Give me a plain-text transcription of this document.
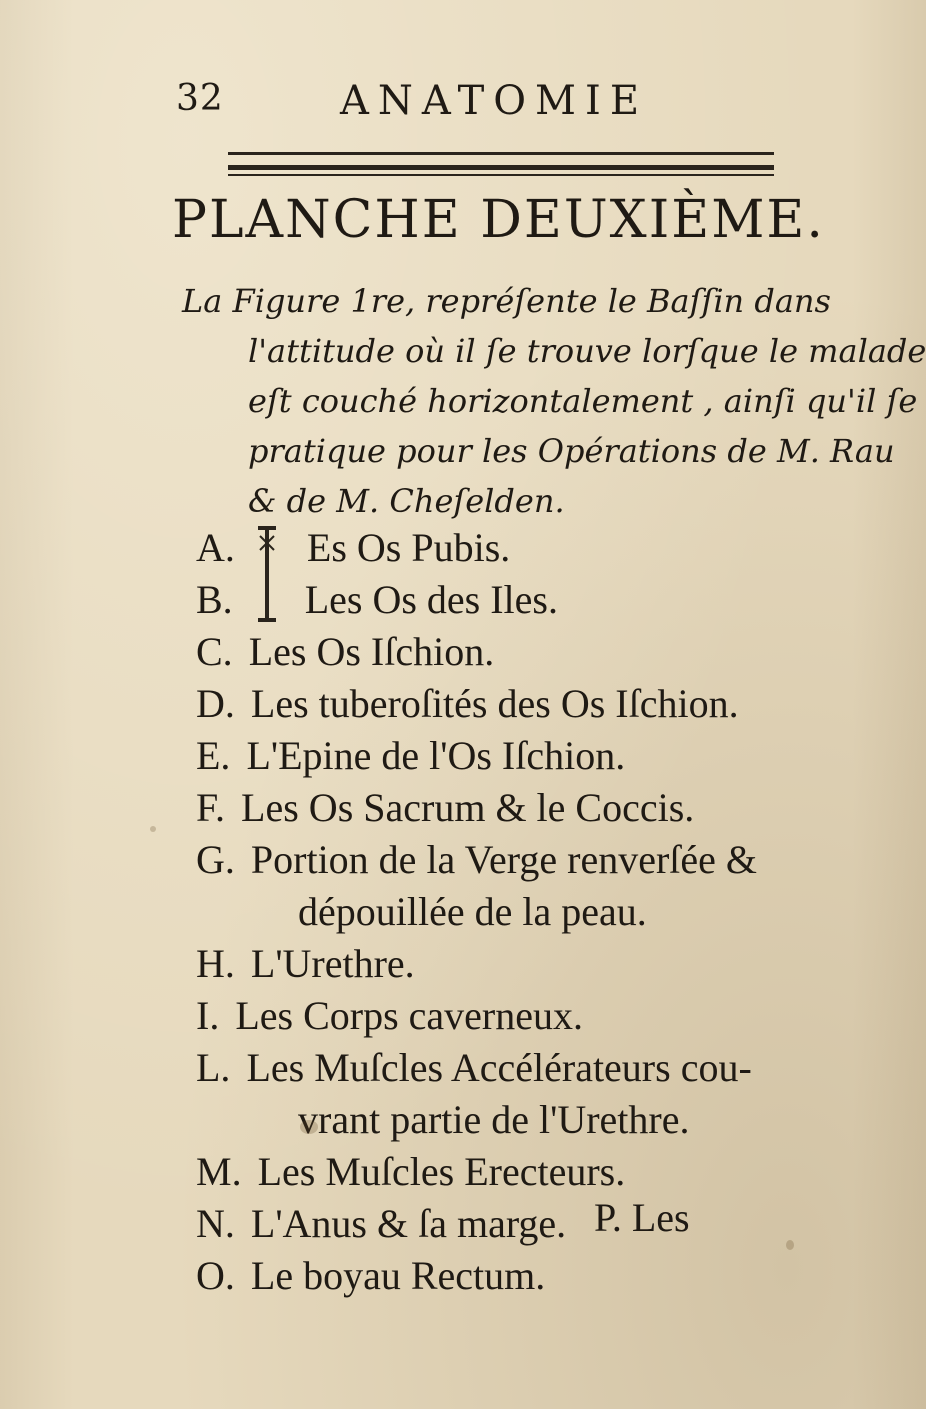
32	ANATOMIE
PLANCHE DEUXIÈME.
La Figure 1re, repréſente le Baſſin dans
l'attitude où il ſe trouve lorſque le malade
eſt couché horizontalement , ainſi qu'il ſe
pratique pour les Opérations de M. Rau
& de M. Cheſelden.
A. Es Os Pubis.
B. Les Os des Iles.
C. Les Os Iſchion.
D. Les tuberoſités des Os Iſchion.
E. L'Epine de l'Os Iſchion.
F. Les Os Sacrum & le Coccis.
G. Portion de la Verge renverſée &
dépouillée de la peau.
H. L'Urethre.
I. Les Corps caverneux.
L. Les Muſcles Accélérateurs cou-
vrant partie de l'Urethre.
M. Les Muſcles Erecteurs.
N. L'Anus & ſa marge.
O. Le boyau Rectum.
P. Les
